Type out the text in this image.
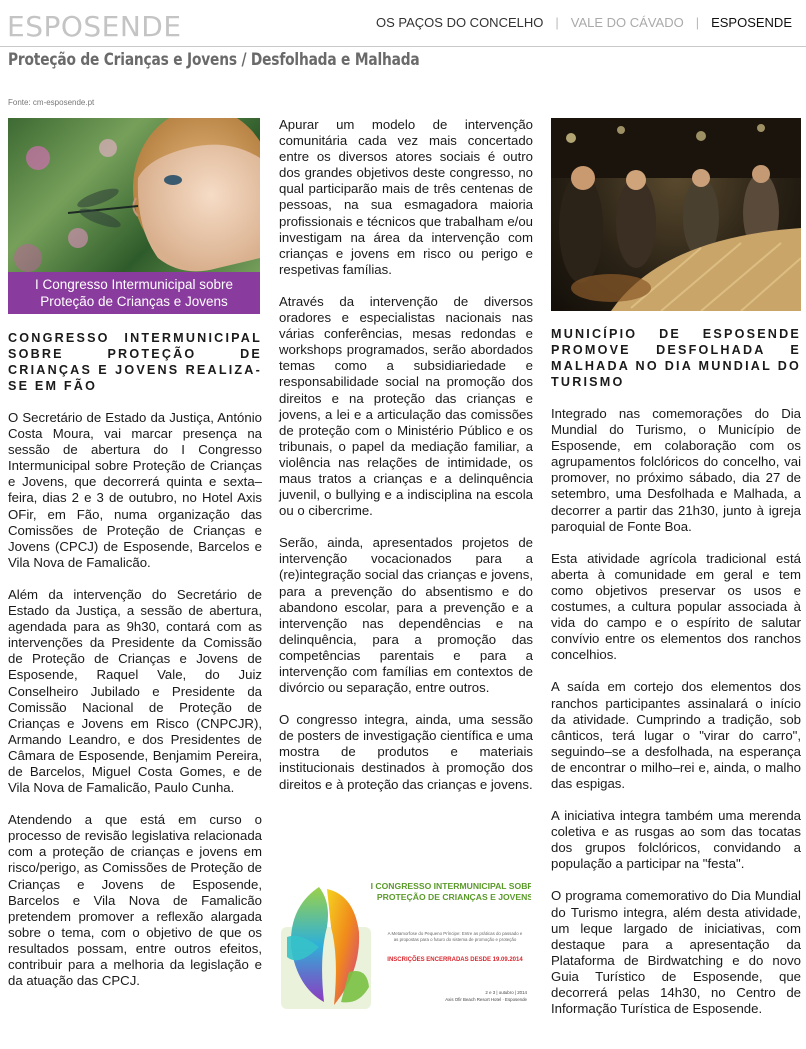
ESPOSENDE	OS PAÇOS DO CONCELHO | VALE DO CÁVADO | ESPOSENDE
Proteção de Crianças e Jovens / Desfolhada e Malhada
Fonte: cm-esposende.pt
I Congresso Intermunicipal sobre
Proteção de Crianças e Jovens

CONGRESSO INTERMUNICIPAL SOBRE PROTEÇÃO DE CRIANÇAS E JOVENS REALIZA-SE EM FÃO

O Secretário de Estado da Justiça, António Costa Moura, vai marcar presença na sessão de abertura do I Congresso Intermunicipal sobre Proteção de Crianças e Jovens, que decorrerá quinta e sexta–feira, dias 2 e 3 de outubro, no Hotel Axis OFir, em Fão, numa organização das Comissões de Proteção de Crianças e Jovens (CPCJ) de Esposende, Barcelos e Vila Nova de Famalicão.

Além da intervenção do Secretário de Estado da Justiça, a sessão de abertura, agendada para as 9h30, contará com as intervenções da Presidente da Comissão de Proteção de Crianças e Jovens de Esposende, Raquel Vale, do Juiz Conselheiro Jubilado e Presidente da Comissão Nacional de Proteção de Crianças e Jovens em Risco (CNPCJR), Armando Leandro, e dos Presidentes de Câmara de Esposende, Benjamim Pereira, de Barcelos, Miguel Costa Gomes, e de Vila Nova de Famalicão, Paulo Cunha.

Atendendo a que está em curso o processo de revisão legislativa relacionada com a proteção de crianças e jovens em risco/perigo, as Comissões de Proteção de Crianças e Jovens de Esposende, Barcelos e Vila Nova de Famalicão pretendem promover a reflexão alargada sobre o tema, com o objetivo de que os resultados possam, entre outros efeitos, contribuir para a melhoria da legislação e da atuação das CPCJ.

Apurar um modelo de intervenção comunitária cada vez mais concertado entre os diversos atores sociais é outro dos grandes objetivos deste congresso, no qual participarão mais de três centenas de pessoas, na sua esmagadora maioria profissionais e técnicos que trabalham e/ou investigam na área da intervenção com crianças e jovens em risco ou perigo e respetivas famílias.

Através da intervenção de diversos oradores e especialistas nacionais nas várias conferências, mesas redondas e workshops programados, serão abordados temas como a subsidiariedade e responsabilidade social na promoção dos direitos e na proteção das crianças e jovens, a lei e a articulação das comissões de proteção com o Ministério Público e os tribunais, o papel da mediação familiar, a violência nas relações de intimidade, os maus tratos a crianças e a delinquência juvenil, o bullying e a indisciplina na escola ou o cibercrime.

Serão, ainda, apresentados projetos de intervenção vocacionados para a (re)integração social das crianças e jovens, para a prevenção do absentismo e do abandono escolar, para a prevenção e a intervenção nas dependências e na delinquência, para a promoção das competências parentais e para a intervenção com famílias em contextos de divórcio ou separação, entre outros.

O congresso integra, ainda, uma sessão de posters de investigação científica e uma mostra de produtos e materiais institucionais destinados à promoção dos direitos e à proteção das crianças e jovens.

I CONGRESSO INTERMUNICIPAL SOBRE
PROTEÇÃO DE CRIANÇAS E JOVENS
A Metamorfose do Pequeno Príncipe: Entre as práticas do passado e
as propostas para o futuro do sistema de promoção e proteção
INSCRIÇÕES ENCERRADAS DESDE 19.09.2014
2 e 3 | outubro | 2014
Axis Ofir Beach Resort Hotel · Esposende

MUNICÍPIO DE ESPOSENDE PROMOVE DESFOLHADA E MALHADA NO DIA MUNDIAL DO TURISMO

Integrado nas comemorações do Dia Mundial do Turismo, o Município de Esposende, em colaboração com os agrupamentos folclóricos do concelho, vai promover, no próximo sábado, dia 27 de setembro, uma Desfolhada e Malhada, a decorrer a partir das 21h30, junto à igreja paroquial de Fonte Boa.

Esta atividade agrícola tradicional está aberta à comunidade em geral e tem como objetivos preservar os usos e costumes, a cultura popular associada à vida do campo e o espírito de salutar convívio entre os elementos dos ranchos concelhios.

A saída em cortejo dos elementos dos ranchos participantes assinalará o início da atividade. Cumprindo a tradição, sob cânticos, terá lugar o "virar do carro", seguindo–se a desfolhada, na esperança de encontrar o milho–rei e, ainda, o malho das espigas.

A iniciativa integra também uma merenda coletiva e as rusgas ao som das tocatas dos grupos folclóricos, convidando a população a participar na "festa".

O programa comemorativo do Dia Mundial do Turismo integra, além desta atividade, um leque largado de iniciativas, com destaque para a apresentação da Plataforma de Birdwatching e do novo Guia Turístico de Esposende, que decorrerá pelas 14h30, no Centro de Informação Turística de Esposende.
